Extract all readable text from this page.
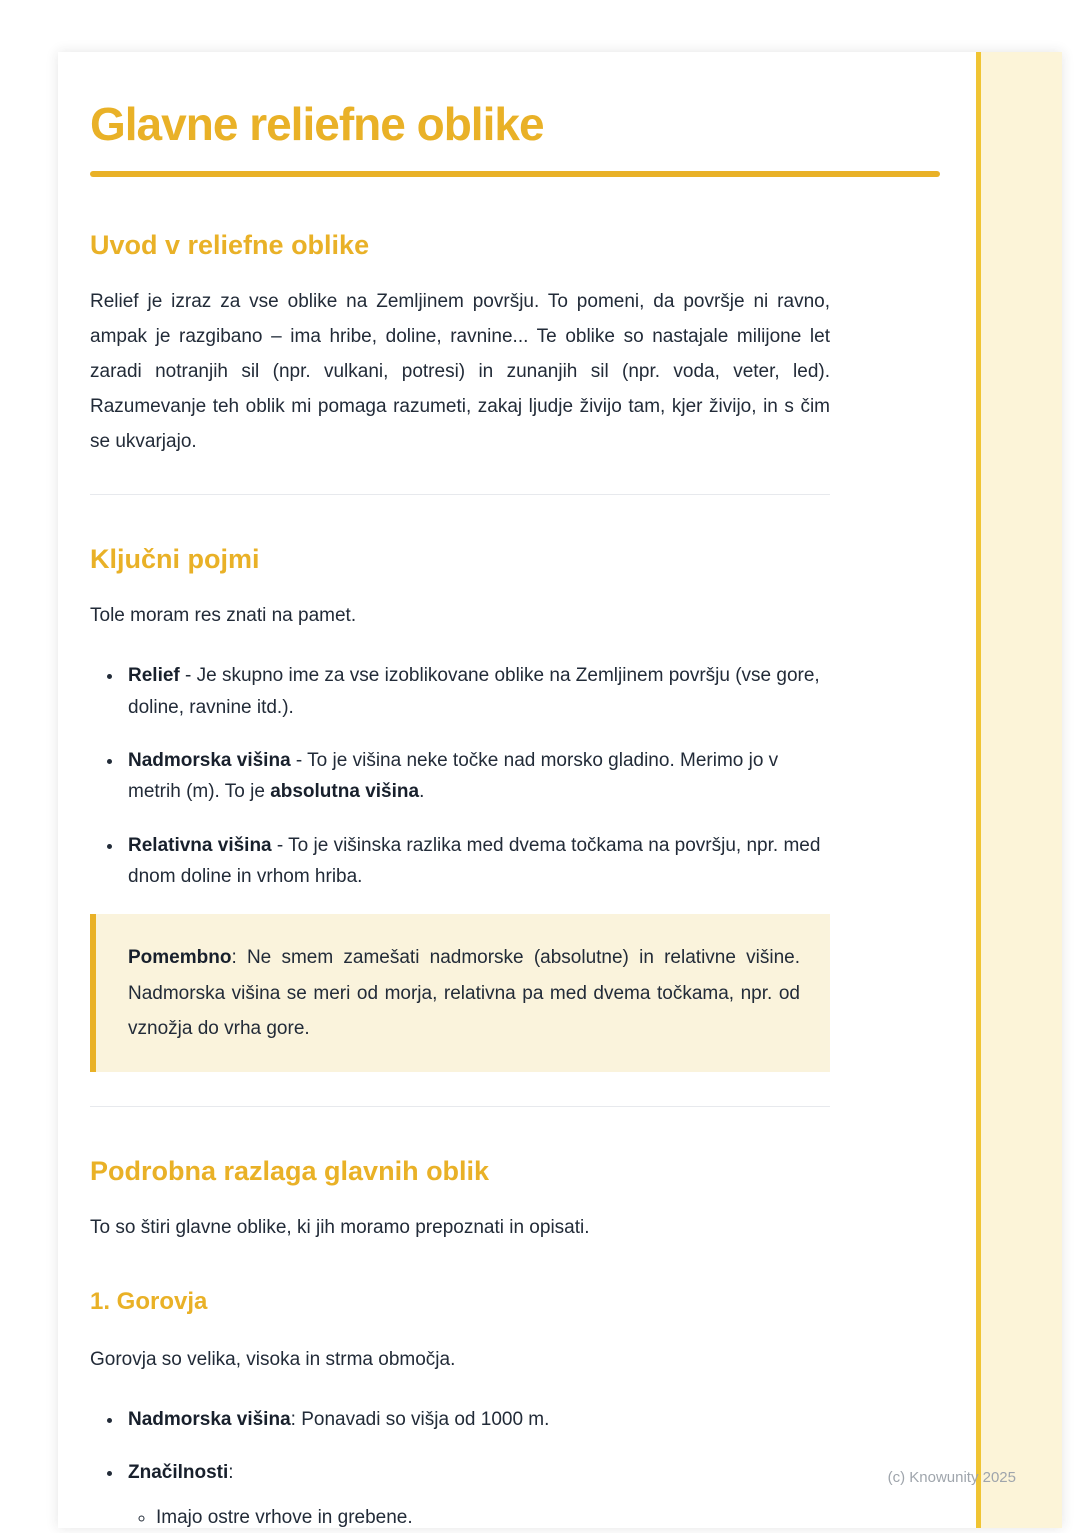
Glavne reliefne oblike
Uvod v reliefne oblike

Relief je izraz za vse oblike na Zemljinem površju. To pomeni, da površje ni ravno, ampak je razgibano – ima hribe, doline, ravnine... Te oblike so nastajale milijone let zaradi notranjih sil (npr. vulkani, potresi) in zunanjih sil (npr. voda, veter, led). Razumevanje teh oblik mi pomaga razumeti, zakaj ljudje živijo tam, kjer živijo, in s čim se ukvarjajo.

Ključni pojmi

Tole moram res znati na pamet.

• Relief - Je skupno ime za vse izoblikovane oblike na Zemljinem površju (vse gore, doline, ravnine itd.).
• Nadmorska višina - To je višina neke točke nad morsko gladino. Merimo jo v metrih (m). To je absolutna višina.
• Relativna višina - To je višinska razlika med dvema točkama na površju, npr. med dnom doline in vrhom hriba.
Pomembno: Ne smem zamešati nadmorske (absolutne) in relativne višine. Nadmorska višina se meri od morja, relativna pa med dvema točkama, npr. od vznožja do vrha gore.
Podrobna razlaga glavnih oblik

To so štiri glavne oblike, ki jih moramo prepoznati in opisati.

1. Gorovja

Gorovja so velika, visoka in strma območja.

• Nadmorska višina: Ponavadi so višja od 1000 m.
• Značilnosti:
◦ Imajo ostre vrhove in grebene.
(c) Knowunity 2025
